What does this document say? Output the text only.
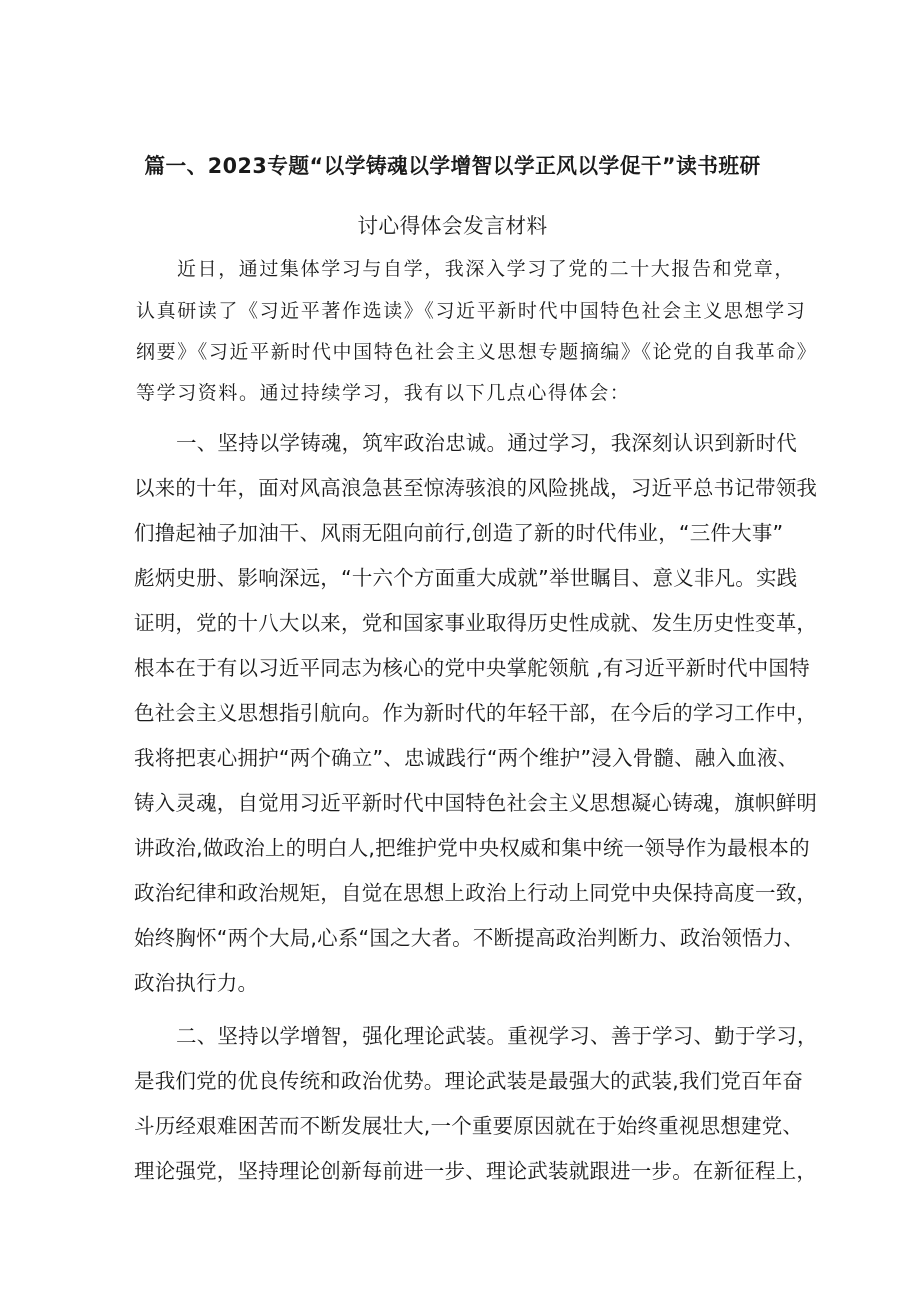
篇一、2023专题“以学铸魂以学增智以学正风以学促干”读书班研
讨心得体会发言材料
近日，通过集体学习与自学，我深入学习了党的二十大报告和党章，
认真研读了《习近平著作选读》《习近平新时代中国特色社会主义思想学习
纲要》《习近平新时代中国特色社会主义思想专题摘编》《论党的自我革命》
等学习资料。通过持续学习，我有以下几点心得体会：
一、坚持以学铸魂，筑牢政治忠诚。通过学习，我深刻认识到新时代
以来的十年，面对风高浪急甚至惊涛骇浪的风险挑战，习近平总书记带领我
们撸起袖子加油干、风雨无阻向前行,创造了新的时代伟业，“三件大事”
彪炳史册、影响深远，“十六个方面重大成就”举世瞩目、意义非凡。实践
证明，党的十八大以来，党和国家事业取得历史性成就、发生历史性变革，
根本在于有以习近平同志为核心的党中央掌舵领航 ,有习近平新时代中国特
色社会主义思想指引航向。作为新时代的年轻干部，在今后的学习工作中，
我将把衷心拥护“两个确立”、忠诚践行“两个维护”浸入骨髓、融入血液、
铸入灵魂，自觉用习近平新时代中国特色社会主义思想凝心铸魂，旗帜鲜明
讲政治,做政治上的明白人,把维护党中央权威和集中统一领导作为最根本的
政治纪律和政治规矩，自觉在思想上政治上行动上同党中央保持高度一致，
始终胸怀“两个大局,心系“国之大者。不断提高政治判断力、政治领悟力、
政治执行力。
二、坚持以学增智，强化理论武装。重视学习、善于学习、勤于学习，
是我们党的优良传统和政治优势。理论武装是最强大的武装,我们党百年奋
斗历经艰难困苦而不断发展壮大,一个重要原因就在于始终重视思想建党、
理论强党，坚持理论创新每前进一步、理论武装就跟进一步。在新征程上，
